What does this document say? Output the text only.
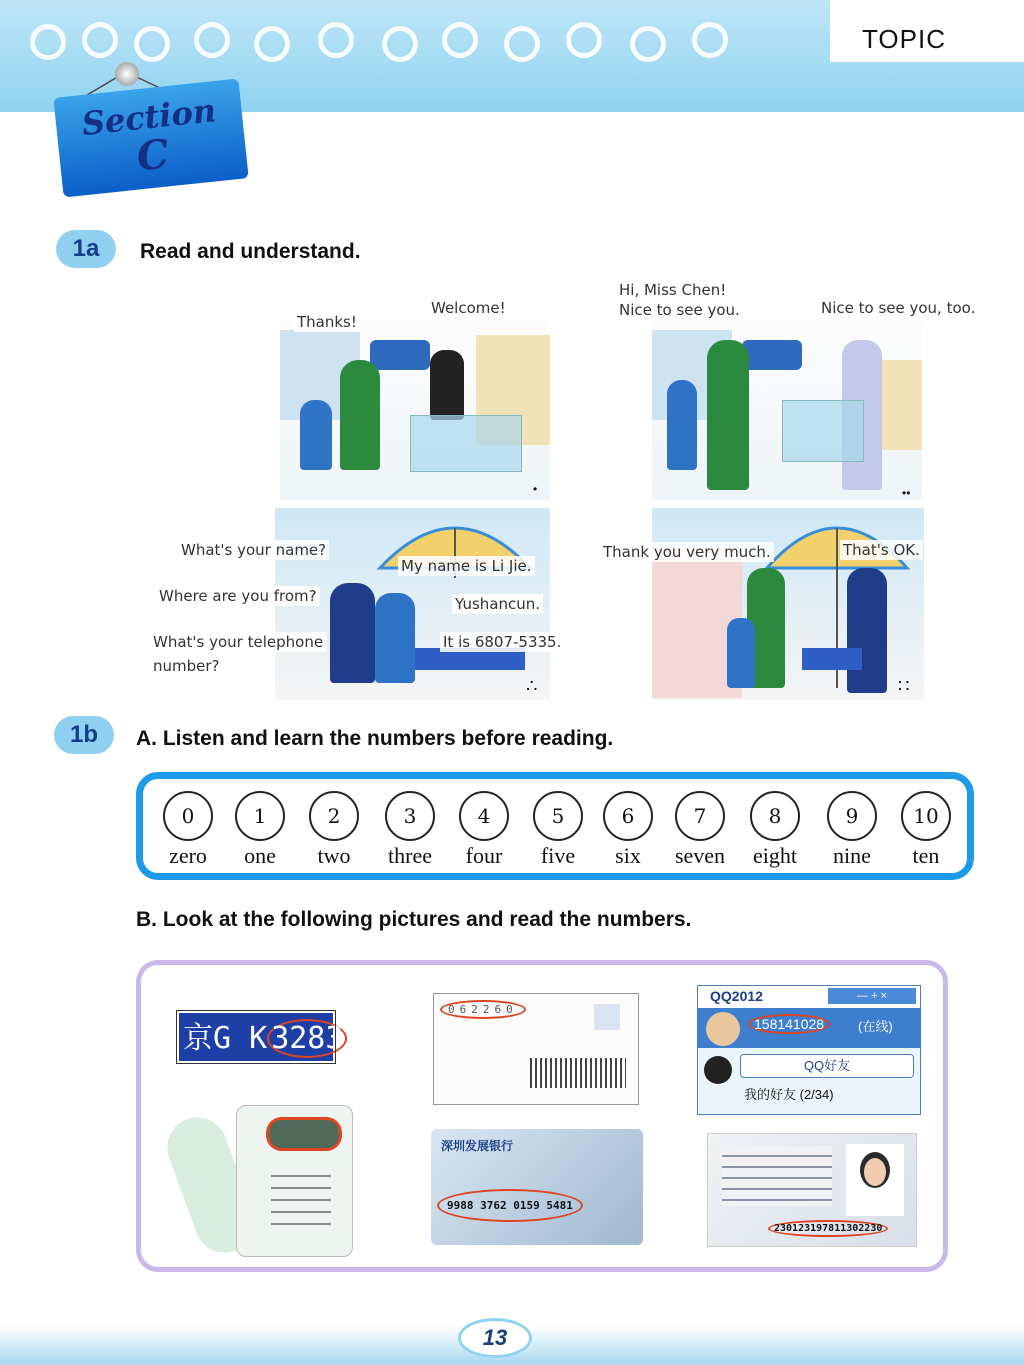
TOPIC
Section
C
1a	Read and understand.
Thanks!
Welcome!
•
Hi, Miss Chen!
Nice to see you.	Nice to see you, too.
••
What's your name?
My name is Li Jie.
Where are you from?	Yushancun.
What's your telephone
number?
It is 6807-5335.
∴
Thank you very much.	That's OK.
∷
1b	A. Listen and learn the numbers before reading.
0
zero
1
one
2
two
3
three
4
four
5
five
6
six
7
seven
8
eight
9
nine
10
ten
B. Look at the following pictures and read the numbers.
京G K 3283
062260
深圳发展银行
9988 3762 0159 5481
QQ2012	— + ×
158141028	(在线)
QQ好友
我的好友 (2/34)
230123197811302230
13
